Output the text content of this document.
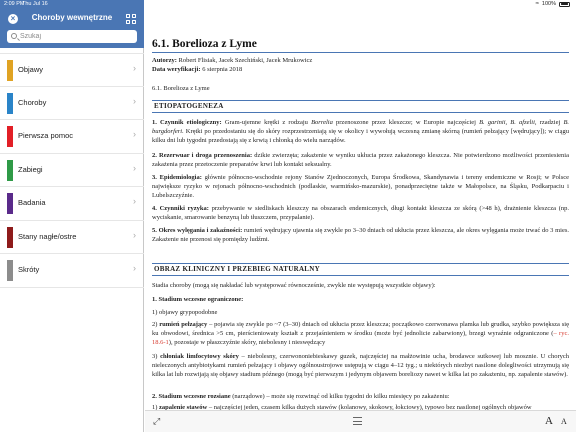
2:09 PM
Thu Jul 16	≈ 100%
×	Choroby wewnętrzne
Szukaj
Objawy	›
Choroby	›
Pierwsza pomoc	›
Zabiegi	›
Badania	›
Stany nagłe/ostre	›
Skróty	›
6.1. Borelioza z Lyme
Autorzy: Robert Flisiak, Jacek Szechiński, Jacek Mrukowicz
Data weryfikacji: 6 sierpnia 2018
6.1. Borelioza z Lyme
ETIOPATOGENEZA
1. Czynnik etiologiczny: Gram-ujemne krętki z rodzaju Borrelia przenoszone przez kleszcze; w Europie najczęściej B. garinii, B. afzelii, rzadziej B. burgdorferi. Krętki po przedostaniu się do skóry rozprzestrzeniają się w okolicy i wywołują wczesną zmianę skórną (rumień pełzający [wędrujący]); w ciągu kilku dni lub tygodni przedostają się z krwią i chłonką do wielu narządów.
2. Rezerwuar i droga przenoszenia: dzikie zwierzęta; zakażenie w wyniku ukłucia przez zakażonego kleszcza. Nie potwierdzono możliwości przeniesienia zakażenia przez przetoczenie preparatów krwi lub kontakt seksualny.
3. Epidemiologia: głównie północno-wschodnie rejony Stanów Zjednoczonych, Europa Środkowa, Skandynawia i tereny endemiczne w Rosji; w Polsce największe ryzyko w rejonach północno-wschodnich (podlaskie, warmińsko-mazurskie), ponadprzeciętne także w Małopolsce, na Śląsku, Podkarpaciu i Lubelszczyźnie.
4. Czynniki ryzyka: przebywanie w siedliskach kleszczy na obszarach endemicznych, długi kontakt kleszcza ze skórą (>48 h), drażnienie kleszcza (np. wyciskanie, smarowanie benzyną lub tłuszczem, przypalanie).
5. Okres wylęgania i zakaźności: rumień wędrujący ujawnia się zwykle po 3–30 dniach od ukłucia przez kleszcza, ale okres wylęgania może trwać do 3 mies. Zakażenie nie przenosi się pomiędzy ludźmi.
OBRAZ KLINICZNY I PRZEBIEG NATURALNY
Stadia choroby (mogą się nakładać lub występować równocześnie, zwykle nie występują wszystkie objawy):
1. Stadium wczesne ograniczone:
1) objawy grypopodobne
2) rumień pełzający – pojawia się zwykle po ~7 (3–30) dniach od ukłucia przez kleszcza; początkowo czerwonawa plamka lub grudka, szybko powiększa się ku obwodowi, średnica >5 cm, pierścieniowaty kształt z przejaśnieniem w środku (może być jednolicie zabarwiony), brzegi wyraźnie odgraniczone (– ryc. 18.6-1), pozostaje w płaszczyźnie skóry, niebolesny i nieswędzący
3) chłoniak limfocytowy skóry – niebolesny, czerwononiebieskawy guzek, najczęściej na małżowinie ucha, brodawce sutkowej lub mosznie. U chorych nieleczonych antybiotykami rumień pełzający i objawy ogólnoustrojowe ustępują w ciągu 4–12 tyg.; u niektórych niezbyt nasilone dolegliwości utrzymują się kilka lat lub rozwijają się objawy stadium późnego (mogą być pierwszym i jedynym objawem boreliozy nawet w kilka lat po zakażeniu, np. zapalenie stawów).
2. Stadium wczesne rozsiane (narządowe) – może się rozwinąć od kilku tygodni do kilku miesięcy po zakażeniu:
1) zapalenie stawów – najczęściej jeden, czasem kilka dużych stawów (kolanowy, skokowy, łokciowy), typowo bez nasilonej ogólnych objawów
⤢	A A
